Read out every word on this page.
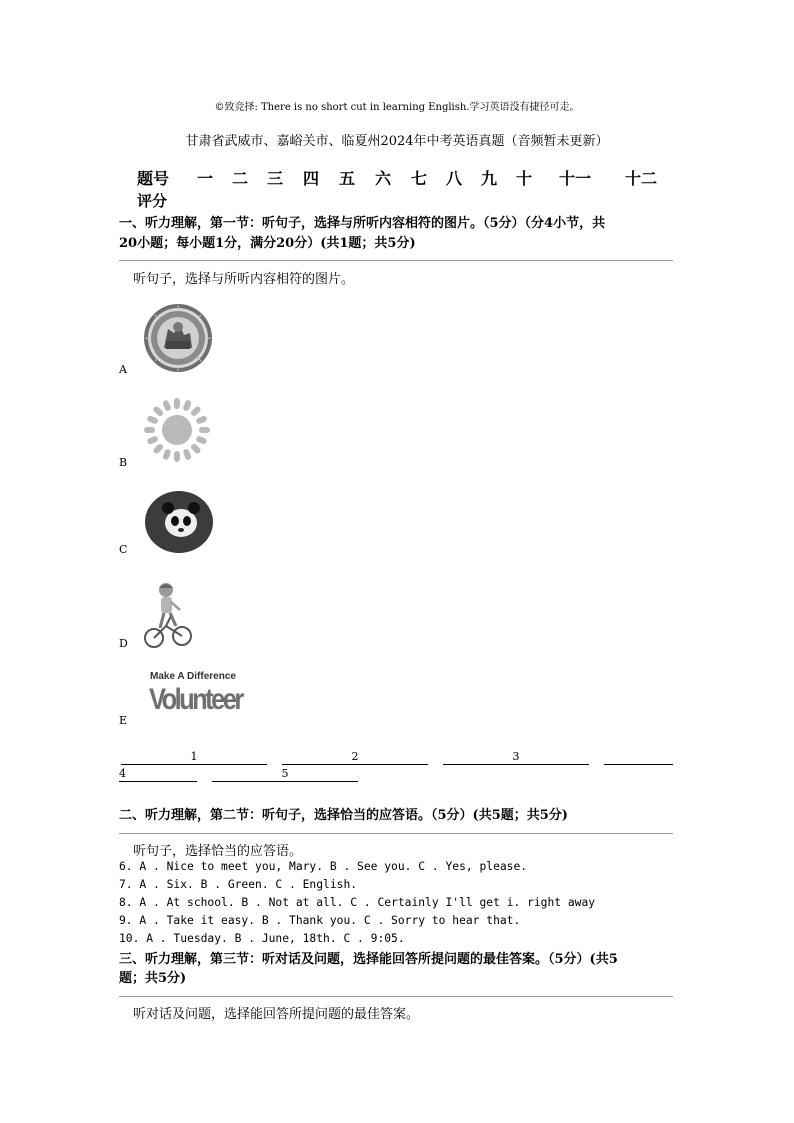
©致竞择: There is no short cut in learning English.学习英语没有捷径可走。
甘肃省武威市、嘉峪关市、临夏州2024年中考英语真题（音频暂未更新）
题号 一 二 三 四 五 六 七 八 九 十 十一 十二
评分
一、听力理解，第一节：听句子，选择与所听内容相符的图片。（5分）（分4小节，共
20小题；每小题1分，满分20分）(共1题；共5分)
听句子，选择与所听内容相符的图片。
A
B
C
D
Make A Difference
Volunteer
E
1	2	3
4	5
二、听力理解，第二节：听句子，选择恰当的应答语。（5分）(共5题；共5分)
听句子，选择恰当的应答语。
6. A . Nice to meet you, Mary. B . See you. C . Yes, please.
7. A . Six. B . Green. C . English.
8. A . At school. B . Not at all. C . Certainly I'll get i. right away
9. A . Take it easy. B . Thank you. C . Sorry to hear that.
10. A . Tuesday. B . June, 18th. C . 9:05.
三、听力理解，第三节：听对话及问题，选择能回答所提问题的最佳答案。（5分）(共5
题；共5分)
听对话及问题，选择能回答所提问题的最佳答案。
